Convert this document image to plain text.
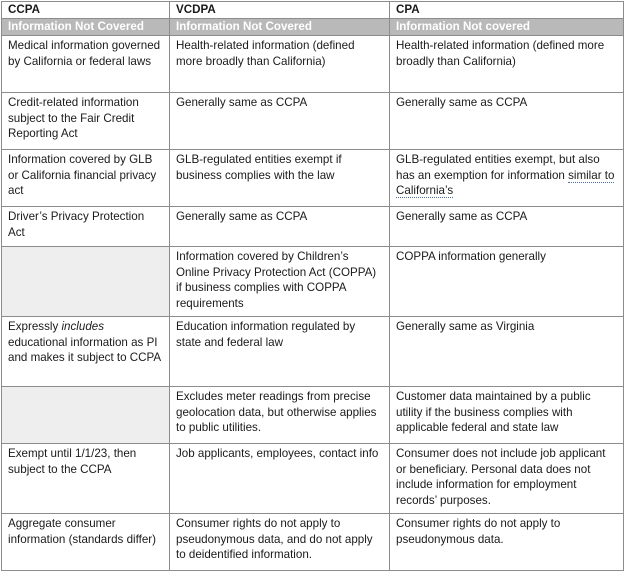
CCPA	VCDPA	CPA
Information Not Covered	Information Not Covered	Information Not covered
Medical information governed by California or federal laws	Health-related information (defined more broadly than California)	Health-related information (defined more broadly than California)
Credit-related information subject to the Fair Credit Reporting Act	Generally same as CCPA	Generally same as CCPA
Information covered by GLB or California financial privacy act	GLB-regulated entities exempt if business complies with the law	GLB-regulated entities exempt, but also has an exemption for information similar to California’s
Driver’s Privacy Protection Act	Generally same as CCPA	Generally same as CCPA
	Information covered by Children’s Online Privacy Protection Act (COPPA) if business complies with COPPA requirements	COPPA information generally
Expressly includes educational information as PI and makes it subject to CCPA	Education information regulated by state and federal law	Generally same as Virginia
	Excludes meter readings from precise geolocation data, but otherwise applies to public utilities.	Customer data maintained by a public utility if the business complies with applicable federal and state law
Exempt until 1/1/23, then subject to the CCPA	Job applicants, employees, contact info	Consumer does not include job applicant or beneficiary. Personal data does not include information for employment records’ purposes.
Aggregate consumer information (standards differ)	Consumer rights do not apply to pseudonymous data, and do not apply to deidentified information.	Consumer rights do not apply to pseudonymous data.
